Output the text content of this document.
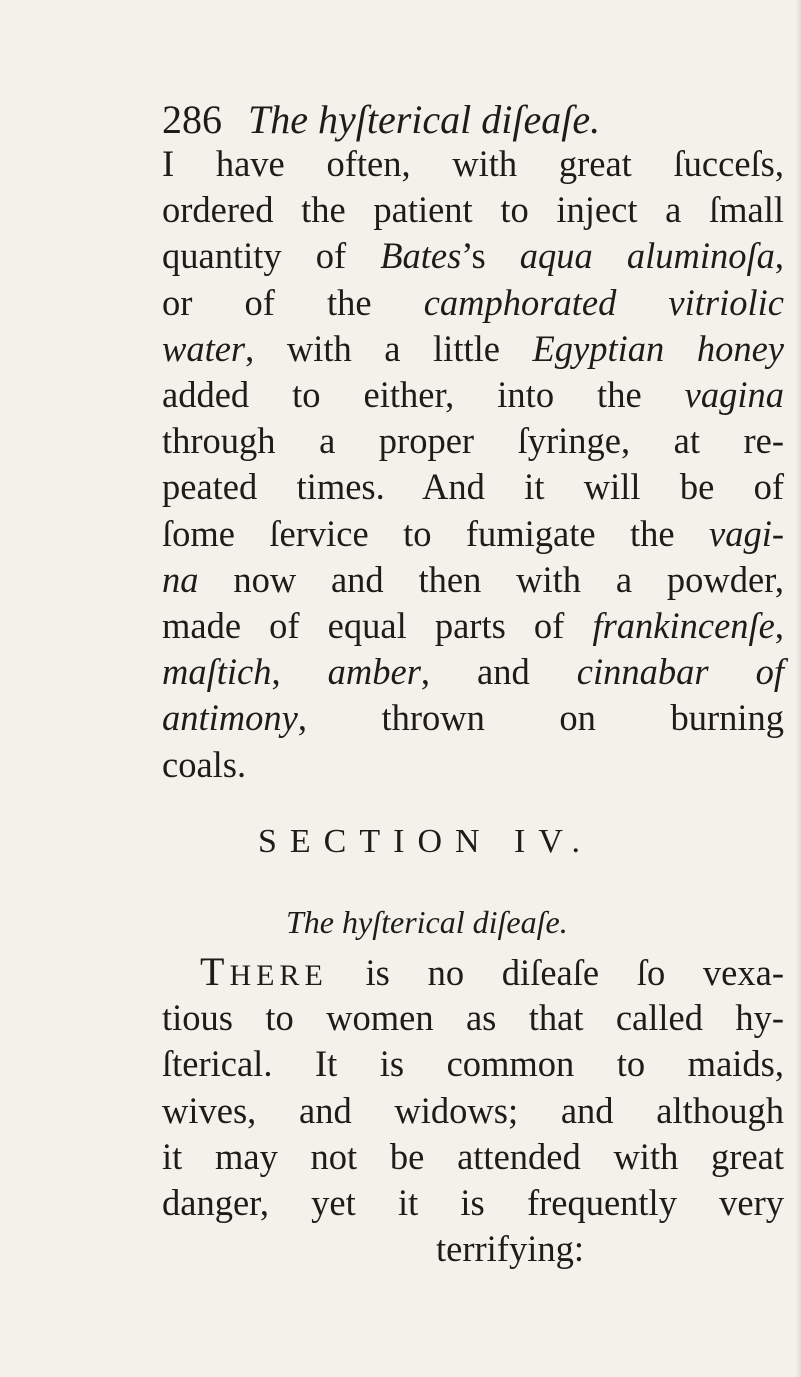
286 The hyſterical diſeaſe.
I have often, with great ſucceſs,
ordered the patient to inject a ſmall
quantity of Bates’s aqua aluminoſa,
or of the camphorated vitriolic
water, with a little Egyptian honey
added to either, into the vagina
through a proper ſyringe, at re-
peated times. And it will be of
ſome ſervice to fumigate the vagi-
na now and then with a powder,
made of equal parts of frankincenſe,
maſtich, amber, and cinnabar of
antimony, thrown on burning
coals.
SECTION IV.
The hyſterical diſeaſe.
THERE is no diſeaſe ſo vexa-
tious to women as that called hy-
ſterical. It is common to maids,
wives, and widows; and although
it may not be attended with great
danger, yet it is frequently very
terrifying:
